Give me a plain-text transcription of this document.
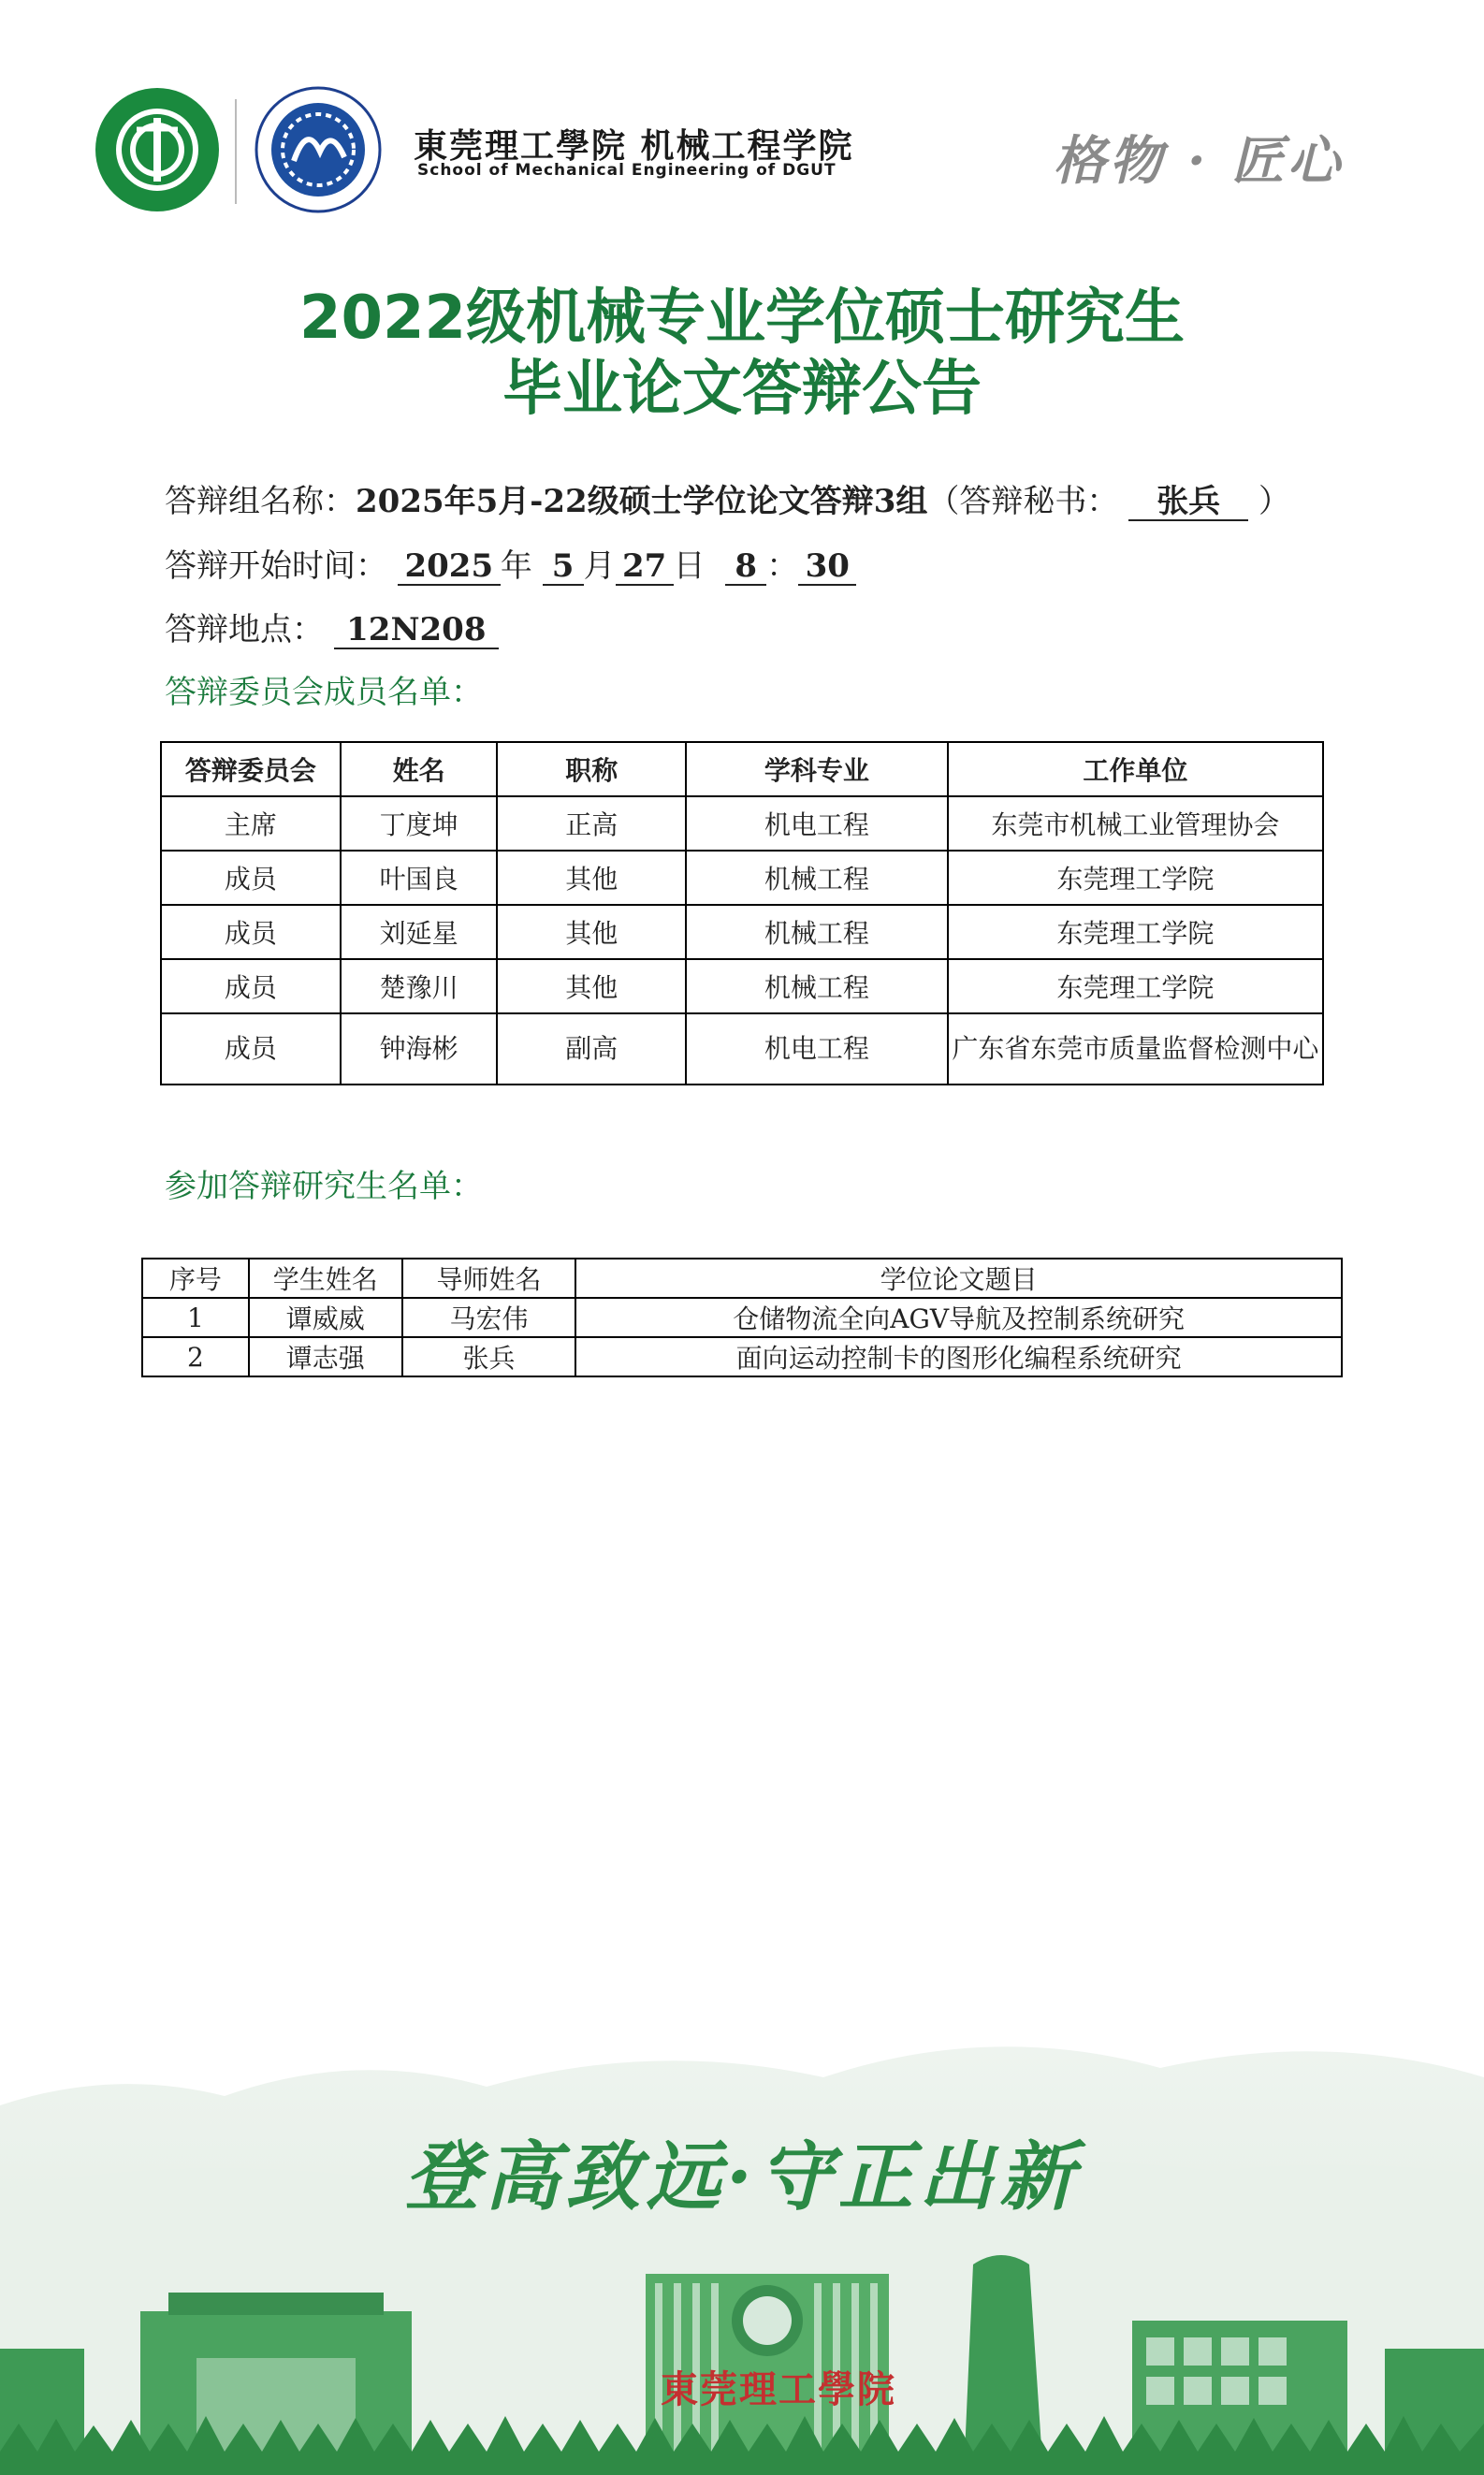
東莞理工學院 机械工程学院
School of Mechanical Engineering of DGUT	格物 · 匠心
2022级机械专业学位硕士研究生
毕业论文答辩公告
答辩组名称：2025年5月-22级硕士学位论文答辩3组（答辩秘书： 张兵 ）
答辩开始时间： 2025 年 5 月 27 日 8 ： 30
答辩地点： 12N208
答辩委员会成员名单：
答辩委员会	姓名	职称	学科专业	工作单位
主席	丁度坤	正高	机电工程	东莞市机械工业管理协会
成员	叶国良	其他	机械工程	东莞理工学院
成员	刘延星	其他	机械工程	东莞理工学院
成员	楚豫川	其他	机械工程	东莞理工学院
成员	钟海彬	副高	机电工程	广东省东莞市质量监督检测中心
参加答辩研究生名单：
序号	学生姓名	导师姓名	学位论文题目
1	谭威威	马宏伟	仓储物流全向AGV导航及控制系统研究
2	谭志强	张兵	面向运动控制卡的图形化编程系统研究
登高致远·守正出新
東莞理工學院
